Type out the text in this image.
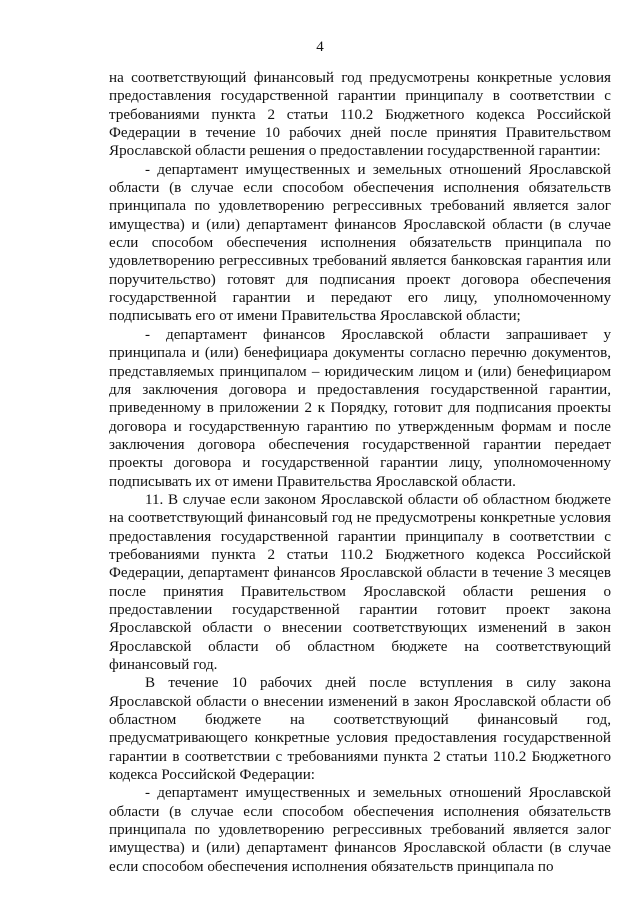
4

на соответствующий финансовый год предусмотрены конкретные условия предоставления государственной гарантии принципалу в соответствии с требованиями пункта 2 статьи 110.2 Бюджетного кодекса Российской Федерации в течение 10 рабочих дней после принятия Правительством Ярославской области решения о предоставлении государственной гарантии:

- департамент имущественных и земельных отношений Ярославской области (в случае если способом обеспечения исполнения обязательств принципала по удовлетворению регрессивных требований является залог имущества) и (или) департамент финансов Ярославской области (в случае если способом обеспечения исполнения обязательств принципала по удовлетворению регрессивных требований является банковская гарантия или поручительство) готовят для подписания проект договора обеспечения государственной гарантии и передают его лицу, уполномоченному подписывать его от имени Правительства Ярославской области;

- департамент финансов Ярославской области запрашивает у принципала и (или) бенефициара документы согласно перечню документов, представляемых принципалом – юридическим лицом и (или) бенефициаром для заключения договора и предоставления государственной гарантии, приведенному в приложении 2 к Порядку, готовит для подписания проекты договора и государственную гарантию по утвержденным формам и после заключения договора обеспечения государственной гарантии передает проекты договора и государственной гарантии лицу, уполномоченному подписывать их от имени Правительства Ярославской области.

11. В случае если законом Ярославской области об областном бюджете на соответствующий финансовый год не предусмотрены конкретные условия предоставления государственной гарантии принципалу в соответствии с требованиями пункта 2 статьи 110.2 Бюджетного кодекса Российской Федерации, департамент финансов Ярославской области в течение 3 месяцев после принятия Правительством Ярославской области решения о предоставлении государственной гарантии готовит проект закона Ярославской области о внесении соответствующих изменений в закон Ярославской области об областном бюджете на соответствующий финансовый год.

В течение 10 рабочих дней после вступления в силу закона Ярославской области о внесении изменений в закон Ярославской области об областном бюджете на соответствующий финансовый год, предусматривающего конкретные условия предоставления государственной гарантии в соответствии с требованиями пункта 2 статьи 110.2 Бюджетного кодекса Российской Федерации:

- департамент имущественных и земельных отношений Ярославской области (в случае если способом обеспечения исполнения обязательств принципала по удовлетворению регрессивных требований является залог имущества) и (или) департамент финансов Ярославской области (в случае если способом обеспечения исполнения обязательств принципала по
